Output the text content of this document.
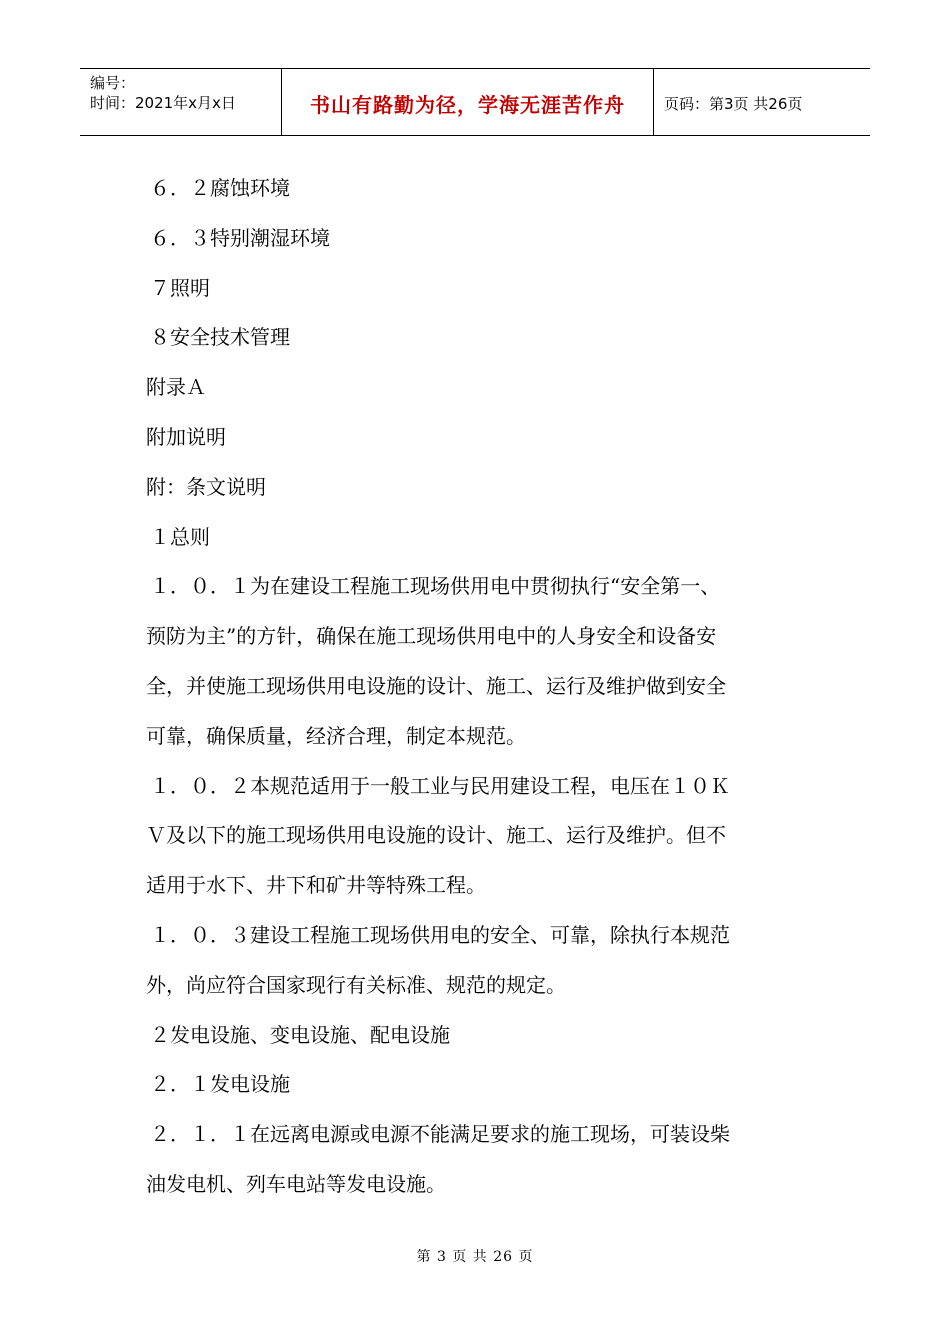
编号：
时间：2021年x月x日	书山有路勤为径，学海无涯苦作舟	页码：第3页 共26页

６．２腐蚀环境

６．３特别潮湿环境

７照明

８安全技术管理

附录Ａ

附加说明

附：条文说明

１总则

１．０．１为在建设工程施工现场供用电中贯彻执行“安全第一、

预防为主”的方针，确保在施工现场供用电中的人身安全和设备安

全，并使施工现场供用电设施的设计、施工、运行及维护做到安全

可靠，确保质量，经济合理，制定本规范。

１．０．２本规范适用于一般工业与民用建设工程，电压在１０Ｋ

Ｖ及以下的施工现场供用电设施的设计、施工、运行及维护。但不

适用于水下、井下和矿井等特殊工程。

１．０．３建设工程施工现场供用电的安全、可靠，除执行本规范

外，尚应符合国家现行有关标准、规范的规定。

２发电设施、变电设施、配电设施

２．１发电设施

２．１．１在远离电源或电源不能满足要求的施工现场，可装设柴

油发电机、列车电站等发电设施。

第 3 页 共 26 页
